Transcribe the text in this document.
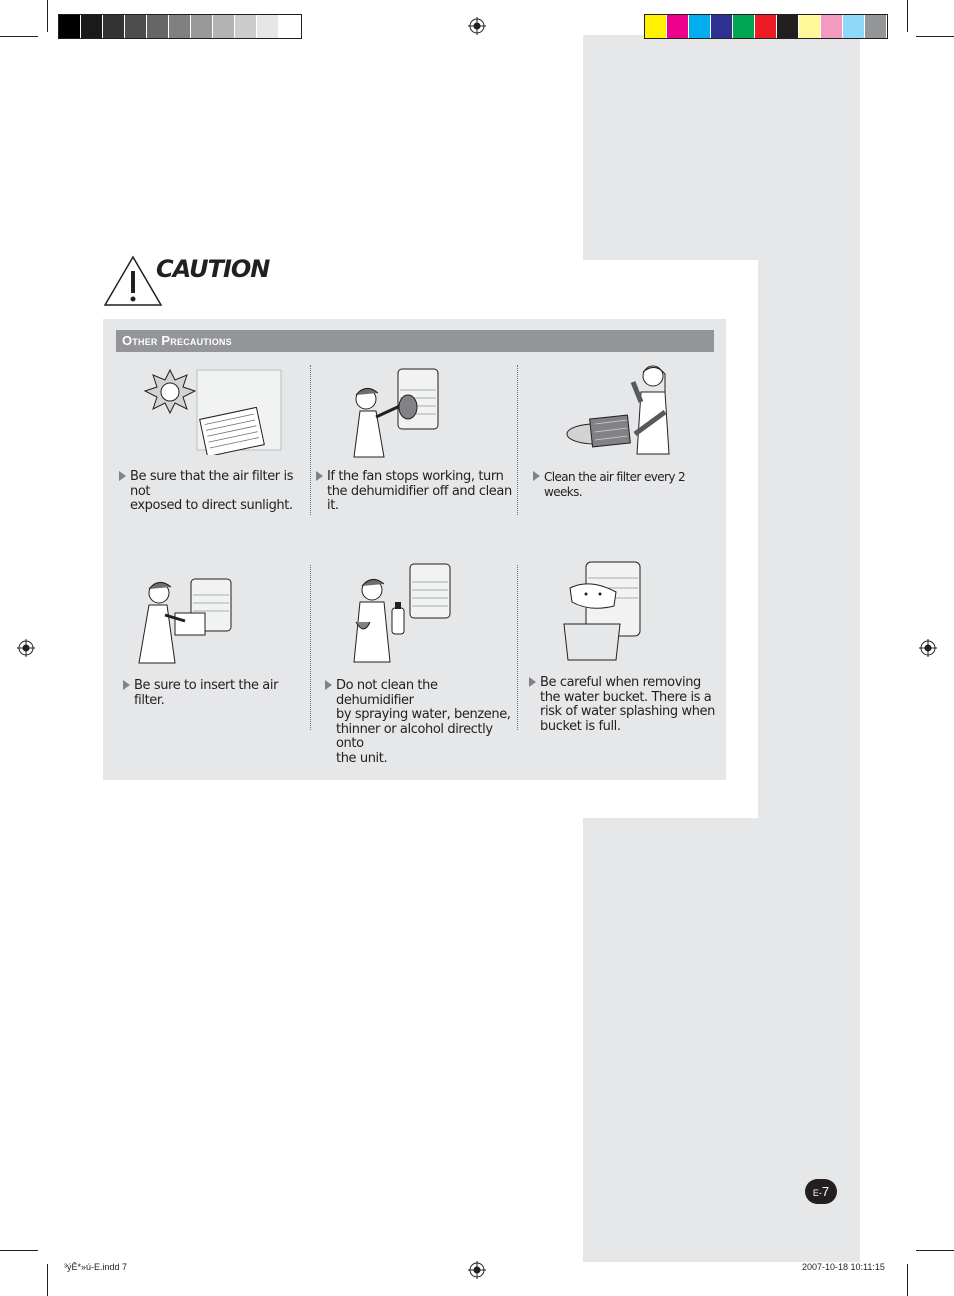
CAUTION
Other Precautions
Be sure that the air filter is not
exposed to direct sunlight.
If the fan stops working, turn
the dehumidifier off and clean
it.
Clean the air filter every 2 weeks.
Be sure to insert the air filter.
Do not clean the dehumidifier
by spraying water, benzene,
thinner or alcohol directly onto
the unit.
Be careful when removing
the water bucket. There is a
risk of water splashing when
bucket is full.
E-7
³ýÊ*»ú-E.indd 7	2007-10-18 10:11:15
